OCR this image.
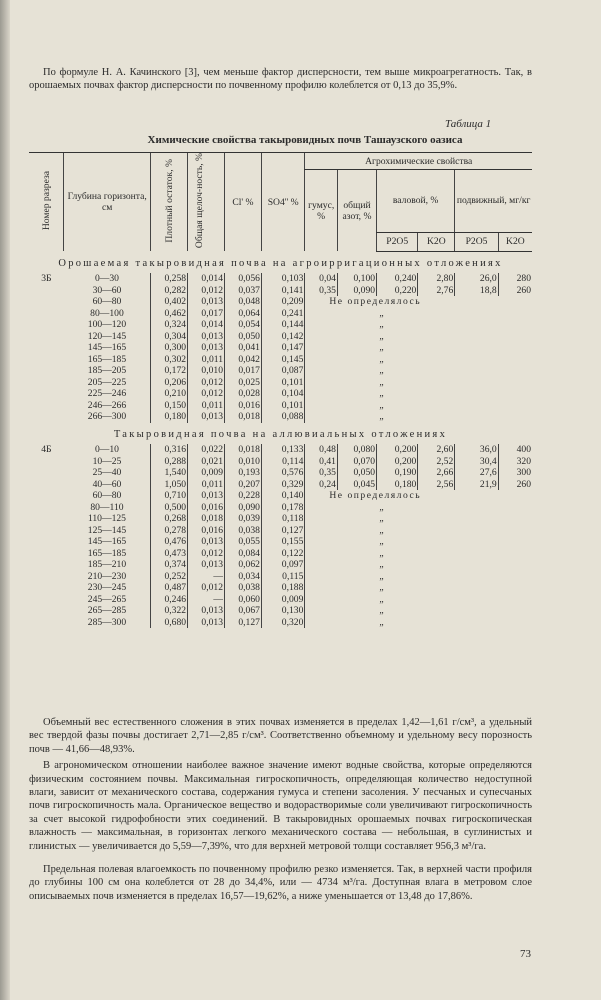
По формуле Н. А. Качинского [3], чем меньше фактор дисперсности, тем выше микроагрегатность. Так, в орошаемых почвах фактор дисперсности по почвенному профилю колеблется от 0,13 до 35,9%.

Таблица 1
Химические свойства такыровидных почв Ташаузского оазиса
Номер разреза	Глубина горизонта, см	Плотный остаток, %	Общая щелоч-ность, %	Cl' %	SO4'' %	Агрохимические свойства					
						гумус, %	общий азот, %	валовой, %		подвижный, мг/кг	
								P2O5	K2O	P2O5	K2O
Орошаемая такыровидная почва на агроирригационных отложениях											
3Б	0—30	0,258	0,014	0,056	0,103	0,04	0,100	0,240	2,80	26,0	280
	30—60	0,282	0,012	0,037	0,141	0,35	0,090	0,220	2,76	18,8	260
	60—80	0,402	0,013	0,048	0,209	Не определялось					
	80—100	0,462	0,017	0,064	0,241	„					
	100—120	0,324	0,014	0,054	0,144	„					
	120—145	0,304	0,013	0,050	0,142	„					
	145—165	0,300	0,013	0,041	0,147	„					
	165—185	0,302	0,011	0,042	0,145	„					
	185—205	0,172	0,010	0,017	0,087	„					
	205—225	0,206	0,012	0,025	0,101	„					
	225—246	0,210	0,012	0,028	0,104	„					
	246—266	0,150	0,011	0,016	0,101	„					
	266—300	0,180	0,013	0,018	0,088	„					
Такыровидная почва на аллювиальных отложениях											
4Б	0—10	0,316	0,022	0,018	0,133	0,48	0,080	0,200	2,60	36,0	400
	10—25	0,288	0,021	0,010	0,114	0,41	0,070	0,200	2,52	30,4	320
	25—40	1,540	0,009	0,193	0,576	0,35	0,050	0,190	2,66	27,6	300
	40—60	1,050	0,011	0,207	0,329	0,24	0,045	0,180	2,56	21,9	260
	60—80	0,710	0,013	0,228	0,140	Не определялось					
	80—110	0,500	0,016	0,090	0,178	„					
	110—125	0,268	0,018	0,039	0,118	„					
	125—145	0,278	0,016	0,038	0,127	„					
	145—165	0,476	0,013	0,055	0,155	„					
	165—185	0,473	0,012	0,084	0,122	„					
	185—210	0,374	0,013	0,062	0,097	„					
	210—230	0,252	—	0,034	0,115	„					
	230—245	0,487	0,012	0,038	0,188	„					
	245—265	0,246	—	0,060	0,009	„					
	265—285	0,322	0,013	0,067	0,130	„					
	285—300	0,680	0,013	0,127	0,320	„					

Объемный вес естественного сложения в этих почвах изменяется в пределах 1,42—1,61 г/см³, а удельный вес твердой фазы почвы достигает 2,71—2,85 г/см³. Соответственно объемному и удельному весу порозность почв — 41,66—48,93%.

В агрономическом отношении наиболее важное значение имеют водные свойства, которые определяются физическим состоянием почвы. Максимальная гигроскопичность, определяющая количество недоступной влаги, зависит от механического состава, содержания гумуса и степени засоления. У песчаных и супесчаных почв гигроскопичность мала. Органическое вещество и водорастворимые соли увеличивают гигроскопичность за счет высокой гидрофобности этих соединений. В такыровидных орошаемых почвах гигроскопическая влажность — максимальная, в горизонтах легкого механического состава — небольшая, в суглинистых и глинистых — увеличивается до 5,59—7,39%, что для верхней метровой толщи составляет 956,3 м³/га.

Предельная полевая влагоемкость по почвенному профилю резко изменяется. Так, в верхней части профиля до глубины 100 см она колеблется от 28 до 34,4%, или — 4734 м³/га. Доступная влага в метровом слое описываемых почв изменяется в пределах 16,57—19,62%, а ниже уменьшается от 13,48 до 17,86%.

73
